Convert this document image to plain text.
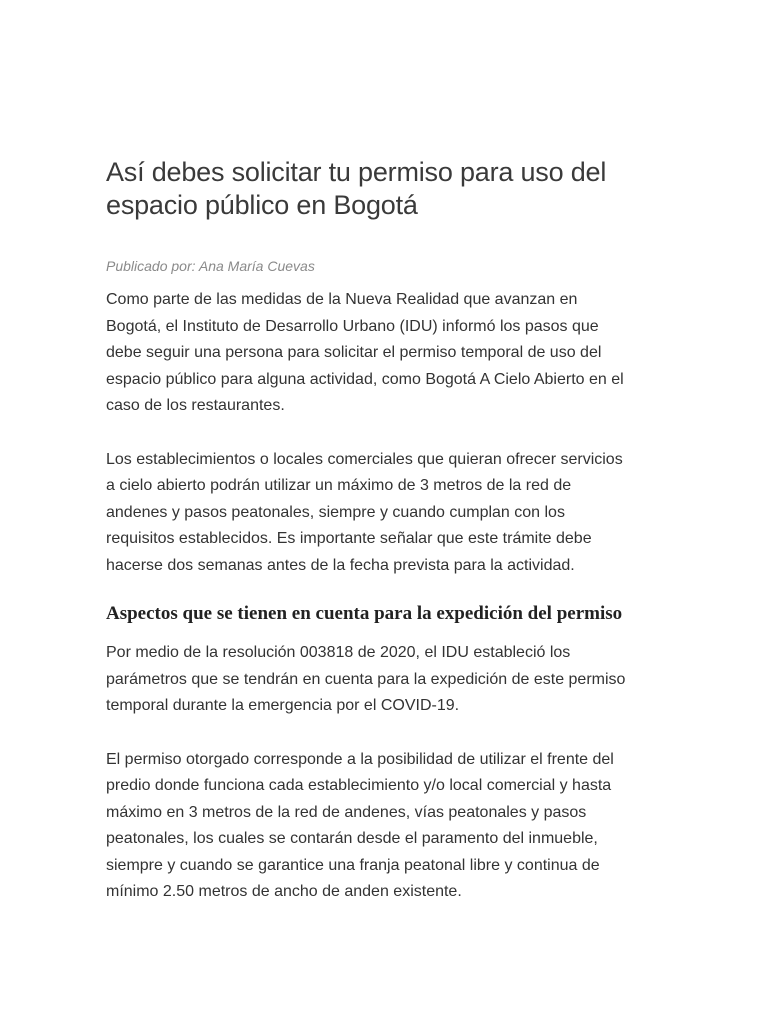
Así debes solicitar tu permiso para uso del
espacio público en Bogotá

Publicado por: Ana María Cuevas

Como parte de las medidas de la Nueva Realidad que avanzan en
Bogotá, el Instituto de Desarrollo Urbano (IDU) informó los pasos que
debe seguir una persona para solicitar el permiso temporal de uso del
espacio público para alguna actividad, como Bogotá A Cielo Abierto en el
caso de los restaurantes.

Los establecimientos o locales comerciales que quieran ofrecer servicios
a cielo abierto podrán utilizar un máximo de 3 metros de la red de
andenes y pasos peatonales, siempre y cuando cumplan con los
requisitos establecidos. Es importante señalar que este trámite debe
hacerse dos semanas antes de la fecha prevista para la actividad.

Aspectos que se tienen en cuenta para la expedición del permiso

Por medio de la resolución 003818 de 2020, el IDU estableció los
parámetros que se tendrán en cuenta para la expedición de este permiso
temporal durante la emergencia por el COVID-19.

El permiso otorgado corresponde a la posibilidad de utilizar el frente del
predio donde funciona cada establecimiento y/o local comercial y hasta
máximo en 3 metros de la red de andenes, vías peatonales y pasos
peatonales, los cuales se contarán desde el paramento del inmueble,
siempre y cuando se garantice una franja peatonal libre y continua de
mínimo 2.50 metros de ancho de anden existente.
